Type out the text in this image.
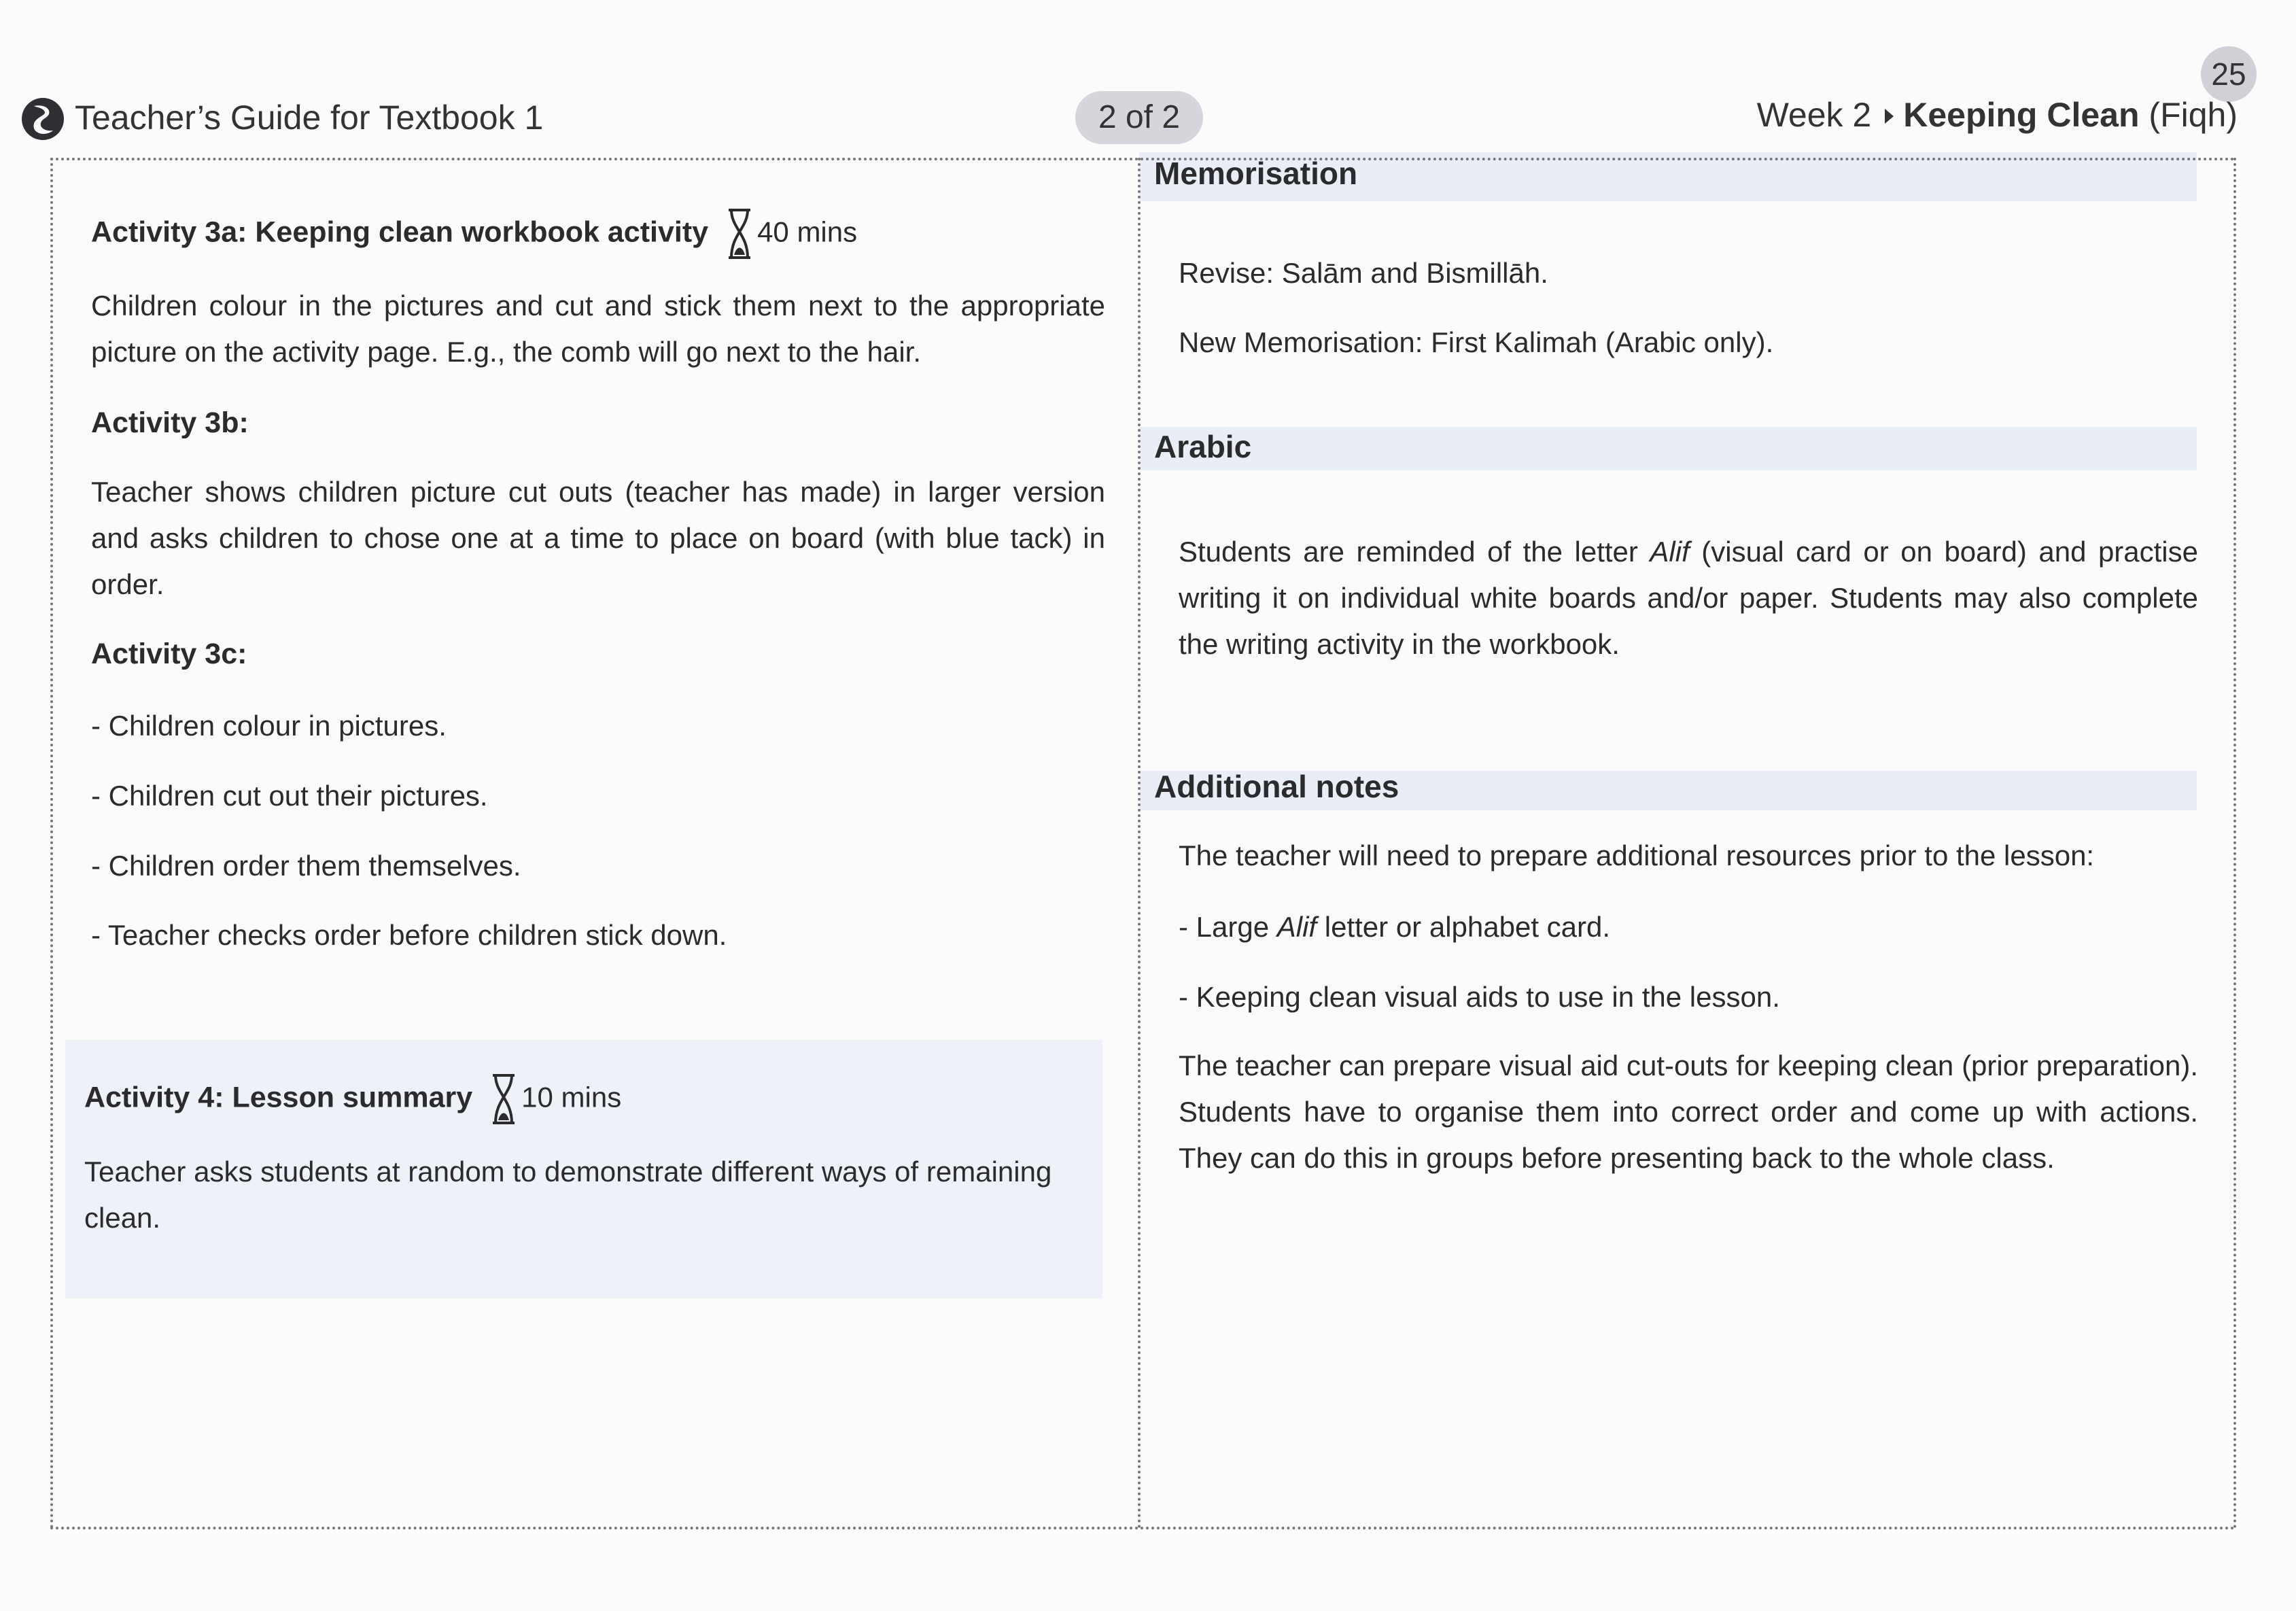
Teacher’s Guide for Textbook 1	2 of 2
25
Week 2 Keeping Clean (Fiqh)
Activity 3a: Keeping clean workbook activity 40 mins
Children colour in the pictures and cut and stick them next to the appropriate picture on the activity page. E.g., the comb will go next to the hair.
Activity 3b:
Teacher shows children picture cut outs (teacher has made) in larger version and asks children to chose one at a time to place on board (with blue tack) in order.
Activity 3c:
- Children colour in pictures.
- Children cut out their pictures.
- Children order them themselves.
- Teacher checks order before children stick down.
Activity 4: Lesson summary 10 mins
Teacher asks students at random to demonstrate different ways of remaining clean.
Memorisation
Revise: Salām and Bismillāh.
New Memorisation: First Kalimah (Arabic only).
Arabic
Students are reminded of the letter Alif (visual card or on board) and practise writing it on individual white boards and/or paper. Students may also complete the writing activity in the workbook.
Additional notes
The teacher will need to prepare additional resources prior to the lesson:
- Large Alif letter or alphabet card.
- Keeping clean visual aids to use in the lesson.
The teacher can prepare visual aid cut-outs for keeping clean (prior preparation). Students have to organise them into correct order and come up with actions. They can do this in groups before presenting back to the whole class.
